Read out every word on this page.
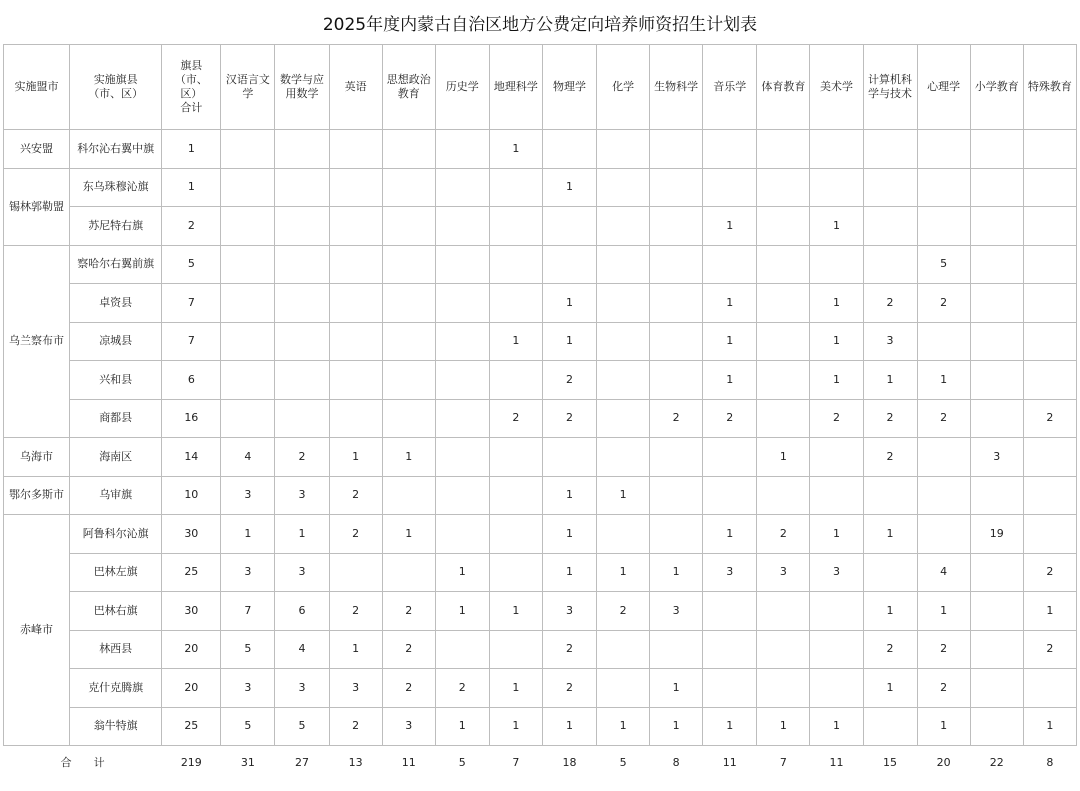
2025年度内蒙古自治区地方公费定向培养师资招生计划表
实施盟市	实施旗县
（市、区）	旗县
（市、区）
合计	汉语言文学	数学与应用数学	英语	思想政治教育	历史学	地理科学	物理学	化学	生物科学	音乐学	体育教育	美术学	计算机科学与技术	心理学	小学教育	特殊教育

兴安盟	科尔沁右翼中旗	1						1										
锡林郭勒盟	东乌珠穆沁旗	1							1									
	苏尼特右旗	2										1		1				
乌兰察布市	察哈尔右翼前旗	5														5		
	卓资县	7							1			1		1	2	2		
	凉城县	7						1	1			1		1	3			
	兴和县	6							2			1		1	1	1		
	商都县	16						2	2		2	2		2	2	2		2
乌海市	海南区	14	4	2	1	1							1		2		3	
鄂尔多斯市	乌审旗	10	3	3	2				1	1								
赤峰市	阿鲁科尔沁旗	30	1	1	2	1			1			1	2	1	1		19	
	巴林左旗	25	3	3			1		1	1	1	3	3	3		4		2
	巴林右旗	30	7	6	2	2	1	1	3	2	3				1	1		1
	林西县	20	5	4	1	2			2						2	2		2
	克什克腾旗	20	3	3	3	2	2	1	2		1				1	2		
	翁牛特旗	25	5	5	2	3	1	1	1	1	1	1	1	1		1		1
合　　计		219	31	27	13	11	5	7	18	5	8	11	7	11	15	20	22	8
